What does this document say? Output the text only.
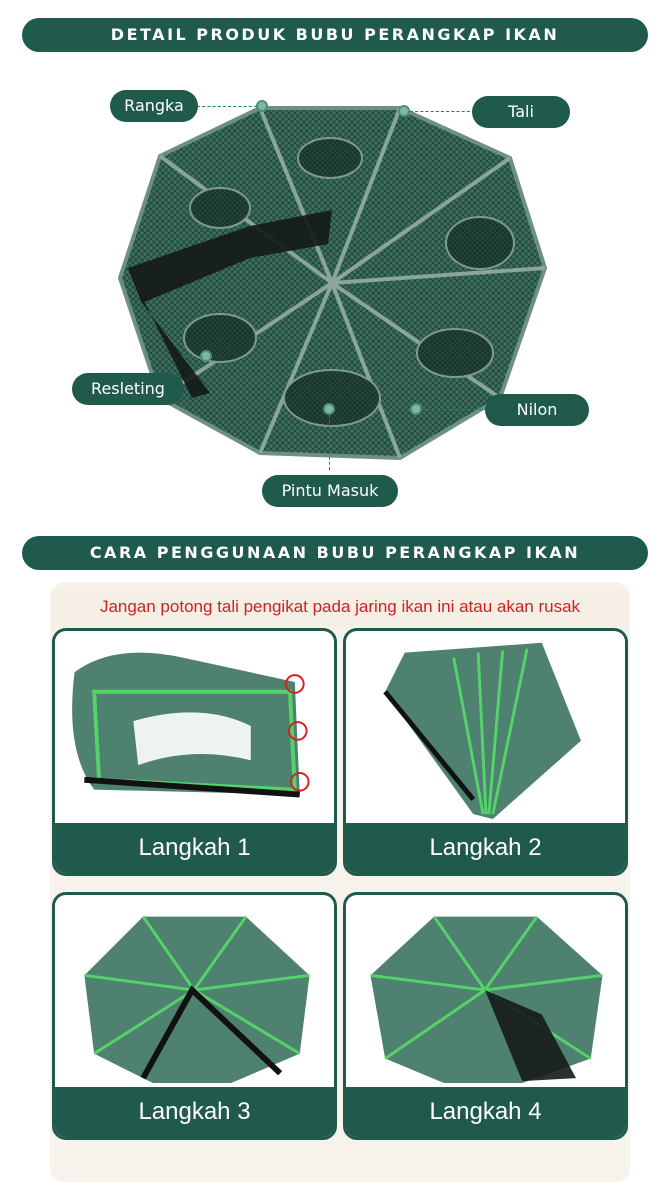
DETAIL PRODUK BUBU PERANGKAP IKAN
Rangka	Tali
Resleting
Nilon
Pintu Masuk
CARA PENGGUNAAN BUBU PERANGKAP IKAN
Jangan potong tali pengikat pada jaring ikan ini atau akan rusak
Langkah 1	Langkah 2
Langkah 3	Langkah 4
